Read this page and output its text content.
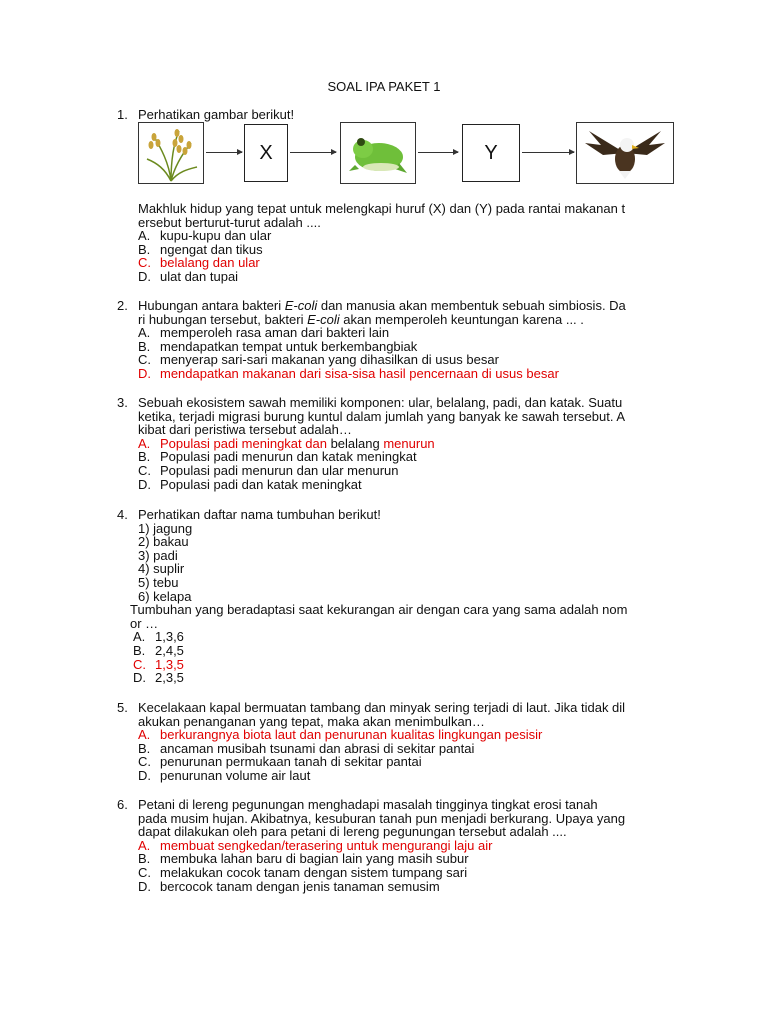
SOAL IPA PAKET 1
1. Perhatikan gambar berikut!
X	Y
Makhluk hidup yang tepat untuk melengkapi huruf (X) dan (Y) pada rantai makanan t
ersebut berturut-turut adalah ....
A. kupu-kupu dan ular
B. ngengat dan tikus
C. belalang dan ular
D. ulat dan tupai
2. Hubungan antara bakteri E-coli dan manusia akan membentuk sebuah simbiosis. Da
ri hubungan tersebut, bakteri E-coli akan memperoleh keuntungan karena ... .
A. memperoleh rasa aman dari bakteri lain
B. mendapatkan tempat untuk berkembangbiak
C. menyerap sari-sari makanan yang dihasilkan di usus besar
D. mendapatkan makanan dari sisa-sisa hasil pencernaan di usus besar
3. Sebuah ekosistem sawah memiliki komponen: ular, belalang, padi, dan katak. Suatu
ketika, terjadi migrasi burung kuntul dalam jumlah yang banyak ke sawah tersebut. A
kibat dari peristiwa tersebut adalah…
A. Populasi padi meningkat dan belalang menurun
B. Populasi padi menurun dan katak meningkat
C. Populasi padi menurun dan ular menurun
D. Populasi padi dan katak meningkat
4. Perhatikan daftar nama tumbuhan berikut!
1) jagung
2) bakau
3) padi
4) suplir
5) tebu
6) kelapa
Tumbuhan yang beradaptasi saat kekurangan air dengan cara yang sama adalah nom
or …
A. 1,3,6
B. 2,4,5
C. 1,3,5
D. 2,3,5
5. Kecelakaan kapal bermuatan tambang dan minyak sering terjadi di laut. Jika tidak dil
akukan penanganan yang tepat, maka akan menimbulkan…
A. berkurangnya biota laut dan penurunan kualitas lingkungan pesisir
B. ancaman musibah tsunami dan abrasi di sekitar pantai
C. penurunan permukaan tanah di sekitar pantai
D. penurunan volume air laut
6. Petani di lereng pegunungan menghadapi masalah tingginya tingkat erosi tanah
pada musim hujan. Akibatnya, kesuburan tanah pun menjadi berkurang. Upaya yang
dapat dilakukan oleh para petani di lereng pegunungan tersebut adalah ....
A. membuat sengkedan/terasering untuk mengurangi laju air
B. membuka lahan baru di bagian lain yang masih subur
C. melakukan cocok tanam dengan sistem tumpang sari
D. bercocok tanam dengan jenis tanaman semusim
